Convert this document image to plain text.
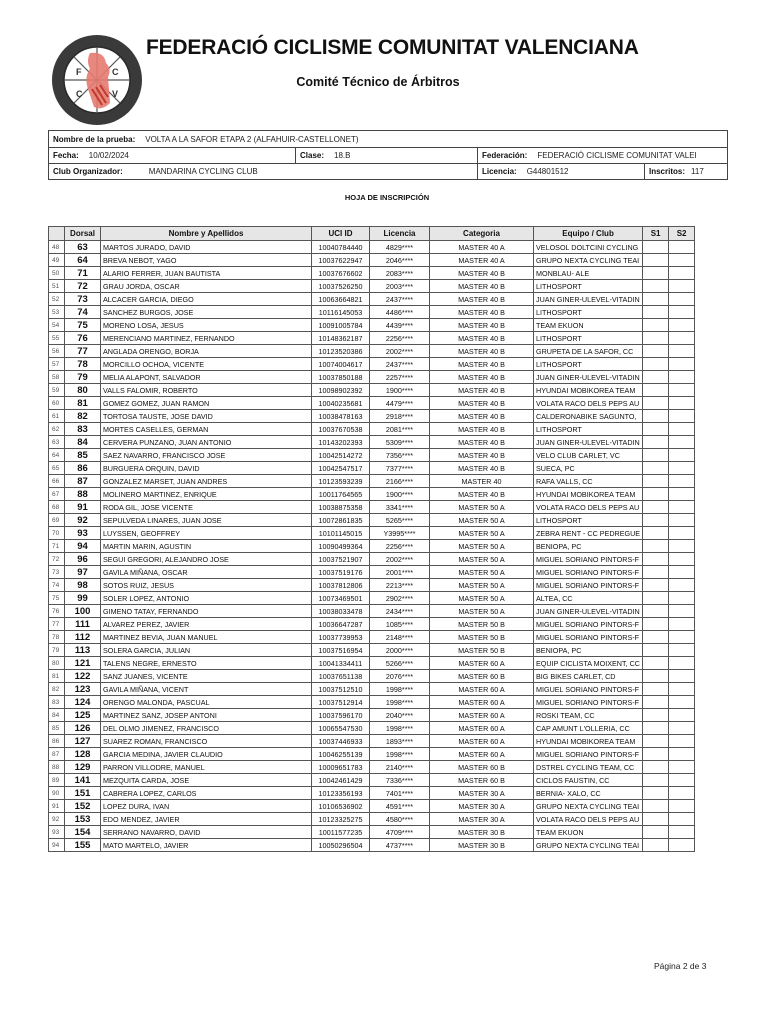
F	C
C	V
FEDERACIÓ CICLISME COMUNITAT VALENCIANA
Comité Técnico de Árbitros
Nombre de la prueba: VOLTA A LA SAFOR ETAPA 2 (ALFAHUIR-CASTELLONET)
Fecha: 10/02/2024	Clase: 18.B	Federación: FEDERACIÓ CICLISME COMUNITAT VALEI
Club Organizador:	MANDARINA CYCLING CLUB	Licencia: G44801512	Inscritos: 117
HOJA DE INSCRIPCIÓN
	Dorsal	Nombre y Apellidos	UCI ID	Licencia	Categoria	Equipo / Club	S1	S2
48	63	MARTOS JURADO, DAVID	10040784440	4829****	MASTER 40 A	VELOSOL DOLTCINI CYCLING		
49	64	BREVA NEBOT, YAGO	10037622947	2046****	MASTER 40 A	GRUPO NEXTA CYCLING TEAI		
50	71	ALARIO FERRER, JUAN BAUTISTA	10037676602	2083****	MASTER 40 B	MONBLAU- ALE		
51	72	GRAU JORDA, OSCAR	10037526250	2003****	MASTER 40 B	LITHOSPORT		
52	73	ALCACER GARCIA, DIEGO	10063664821	2437****	MASTER 40 B	JUAN GINER-ULEVEL-VITADIN		
53	74	SANCHEZ BURGOS, JOSE	10116145053	4486****	MASTER 40 B	LITHOSPORT		
54	75	MORENO LOSA, JESUS	10091005784	4439****	MASTER 40 B	TEAM EKUON		
55	76	MERENCIANO MARTINEZ, FERNANDO	10148362187	2256****	MASTER 40 B	LITHOSPORT		
56	77	ANGLADA ORENGO, BORJA	10123520386	2002****	MASTER 40 B	GRUPETA DE LA SAFOR, CC		
57	78	MORCILLO OCHOA, VICENTE	10074004617	2437****	MASTER 40 B	LITHOSPORT		
58	79	MELIA ALAPONT, SALVADOR	10037850188	2257****	MASTER 40 B	JUAN GINER-ULEVEL-VITADIN		
59	80	VALLS FALOMIR, ROBERTO	10098902392	1900****	MASTER 40 B	HYUNDAI MOBIKOREA TEAM		
60	81	GOMEZ GOMEZ, JUAN RAMON	10040235681	4479****	MASTER 40 B	VOLATA RACO DELS PEPS AU		
61	82	TORTOSA TAUSTE, JOSE DAVID	10038478163	2918****	MASTER 40 B	CALDERONABIKE SAGUNTO,		
62	83	MORTES CASELLES, GERMAN	10037670538	2081****	MASTER 40 B	LITHOSPORT		
63	84	CERVERA PUNZANO, JUAN ANTONIO	10143202393	5309****	MASTER 40 B	JUAN GINER-ULEVEL-VITADIN		
64	85	SAEZ NAVARRO, FRANCISCO JOSE	10042514272	7356****	MASTER 40 B	VELO CLUB CARLET, VC		
65	86	BURGUERA ORQUIN, DAVID	10042547517	7377****	MASTER 40 B	SUECA, PC		
66	87	GONZALEZ MARSET, JUAN ANDRES	10123593239	2166****	MASTER 40	RAFA VALLS, CC		
67	88	MOLINERO MARTINEZ, ENRIQUE	10011764565	1900****	MASTER 40 B	HYUNDAI MOBIKOREA TEAM		
68	91	RODA GIL, JOSE VICENTE	10038875358	3341****	MASTER 50 A	VOLATA RACO DELS PEPS AU		
69	92	SEPULVEDA LINARES, JUAN JOSE	10072861835	5265****	MASTER 50 A	LITHOSPORT		
70	93	LUYSSEN, GEOFFREY	10101145015	Y3995****	MASTER 50 A	ZEBRA RENT - CC PEDREGUE		
71	94	MARTIN MARIN, AGUSTIN	10090499364	2256****	MASTER 50 A	BENIOPA, PC		
72	96	SEGUI GREGORI, ALEJANDRO JOSE	10037521907	2002****	MASTER 50 A	MIGUEL SORIANO PINTORS-F		
73	97	GAVILA MIÑANA, OSCAR	10037519176	2001****	MASTER 50 A	MIGUEL SORIANO PINTORS-F		
74	98	SOTOS RUIZ, JESUS	10037812806	2213****	MASTER 50 A	MIGUEL SORIANO PINTORS-F		
75	99	SOLER LOPEZ, ANTONIO	10073469501	2902****	MASTER 50 A	ALTEA, CC		
76	100	GIMENO TATAY, FERNANDO	10038033478	2434****	MASTER 50 A	JUAN GINER-ULEVEL-VITADIN		
77	111	ALVAREZ PEREZ, JAVIER	10036647287	1085****	MASTER 50 B	MIGUEL SORIANO PINTORS-F		
78	112	MARTINEZ BEVIA, JUAN MANUEL	10037739953	2148****	MASTER 50 B	MIGUEL SORIANO PINTORS-F		
79	113	SOLERA GARCIA, JULIAN	10037516954	2000****	MASTER 50 B	BENIOPA, PC		
80	121	TALENS NEGRE, ERNESTO	10041334411	5266****	MASTER 60 A	EQUIP CICLISTA MOIXENT, CC		
81	122	SANZ JUANES, VICENTE	10037651138	2076****	MASTER 60 B	BIG BIKES CARLET, CD		
82	123	GAVILA MIÑANA, VICENT	10037512510	1998****	MASTER 60 A	MIGUEL SORIANO PINTORS-F		
83	124	ORENGO MALONDA, PASCUAL	10037512914	1998****	MASTER 60 A	MIGUEL SORIANO PINTORS-F		
84	125	MARTINEZ SANZ, JOSEP ANTONI	10037596170	2040****	MASTER 60 A	ROSKI TEAM, CC		
85	126	DEL OLMO JIMENEZ, FRANCISCO	10065547530	1998****	MASTER 60 A	CAP AMUNT L'OLLERIA, CC		
86	127	SUAREZ ROMAN, FRANCISCO	10037446933	1893****	MASTER 60 A	HYUNDAI MOBIKOREA TEAM		
87	128	GARCIA MEDINA, JAVIER CLAUDIO	10046255139	1998****	MASTER 60 A	MIGUEL SORIANO PINTORS-F		
88	129	PARRON VILLODRE, MANUEL	10009651783	2140****	MASTER 60 B	DSTREL CYCLING TEAM, CC		
89	141	MEZQUITA CARDA, JOSE	10042461429	7336****	MASTER 60 B	CICLOS FAUSTIN, CC		
90	151	CABRERA LOPEZ, CARLOS	10123356193	7401****	MASTER 30 A	BERNIA- XALO, CC		
91	152	LOPEZ DURA, IVAN	10106536902	4591****	MASTER 30 A	GRUPO NEXTA CYCLING TEAI		
92	153	EDO MENDEZ, JAVIER	10123325275	4580****	MASTER 30 A	VOLATA RACO DELS PEPS AU		
93	154	SERRANO NAVARRO, DAVID	10011577235	4709****	MASTER 30 B	TEAM EKUON		
94	155	MATO MARTELO, JAVIER	10050296504	4737****	MASTER 30 B	GRUPO NEXTA CYCLING TEAI		
Página 2 de 3
